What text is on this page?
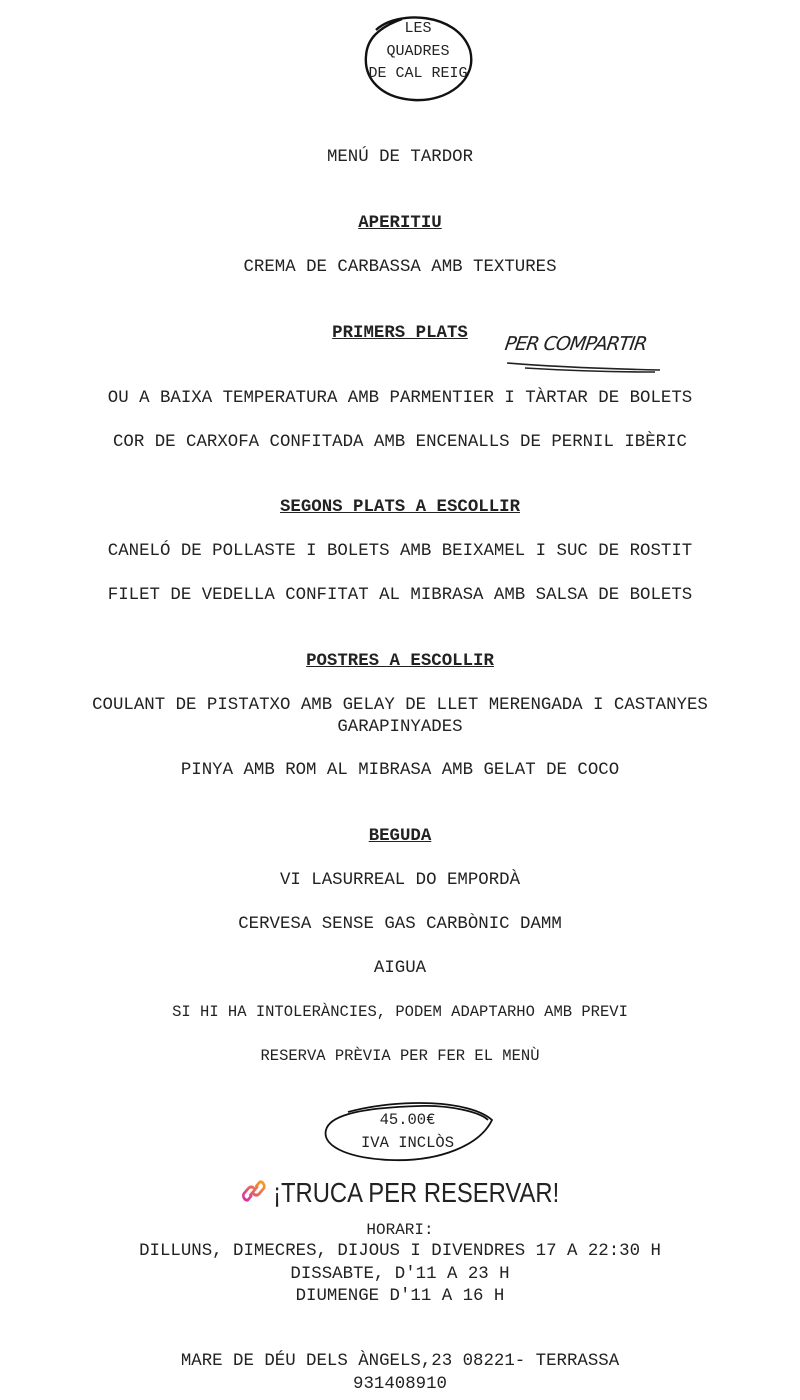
LES
QUADRES
DE CAL REIG
MENÚ DE TARDOR
APERITIU
CREMA DE CARBASSA AMB TEXTURES
PRIMERS PLATS	PER COMPARTIR
OU A BAIXA TEMPERATURA AMB PARMENTIER I TÀRTAR DE BOLETS
COR DE CARXOFA CONFITADA AMB ENCENALLS DE PERNIL IBÈRIC
SEGONS PLATS A ESCOLLIR
CANELÓ DE POLLASTE I BOLETS AMB BEIXAMEL I SUC DE ROSTIT
FILET DE VEDELLA CONFITAT AL MIBRASA AMB SALSA DE BOLETS
POSTRES A ESCOLLIR
COULANT DE PISTATXO AMB GELAY DE LLET MERENGADA I CASTANYES
GARAPINYADES
PINYA AMB ROM AL MIBRASA AMB GELAT DE COCO
BEGUDA
VI LASURREAL DO EMPORDÀ
CERVESA SENSE GAS CARBÒNIC DAMM
AIGUA
SI HI HA INTOLERÀNCIES, PODEM ADAPTARHO AMB PREVI
RESERVA PRÈVIA PER FER EL MENÙ
45.00€
IVA INCLÒS
¡TRUCA PER RESERVAR!
HORARI:
DILLUNS, DIMECRES, DIJOUS I DIVENDRES 17 A 22:30 H
DISSABTE, D'11 A 23 H
DIUMENGE D'11 A 16 H
MARE DE DÉU DELS ÀNGELS,23 08221- TERRASSA
931408910
